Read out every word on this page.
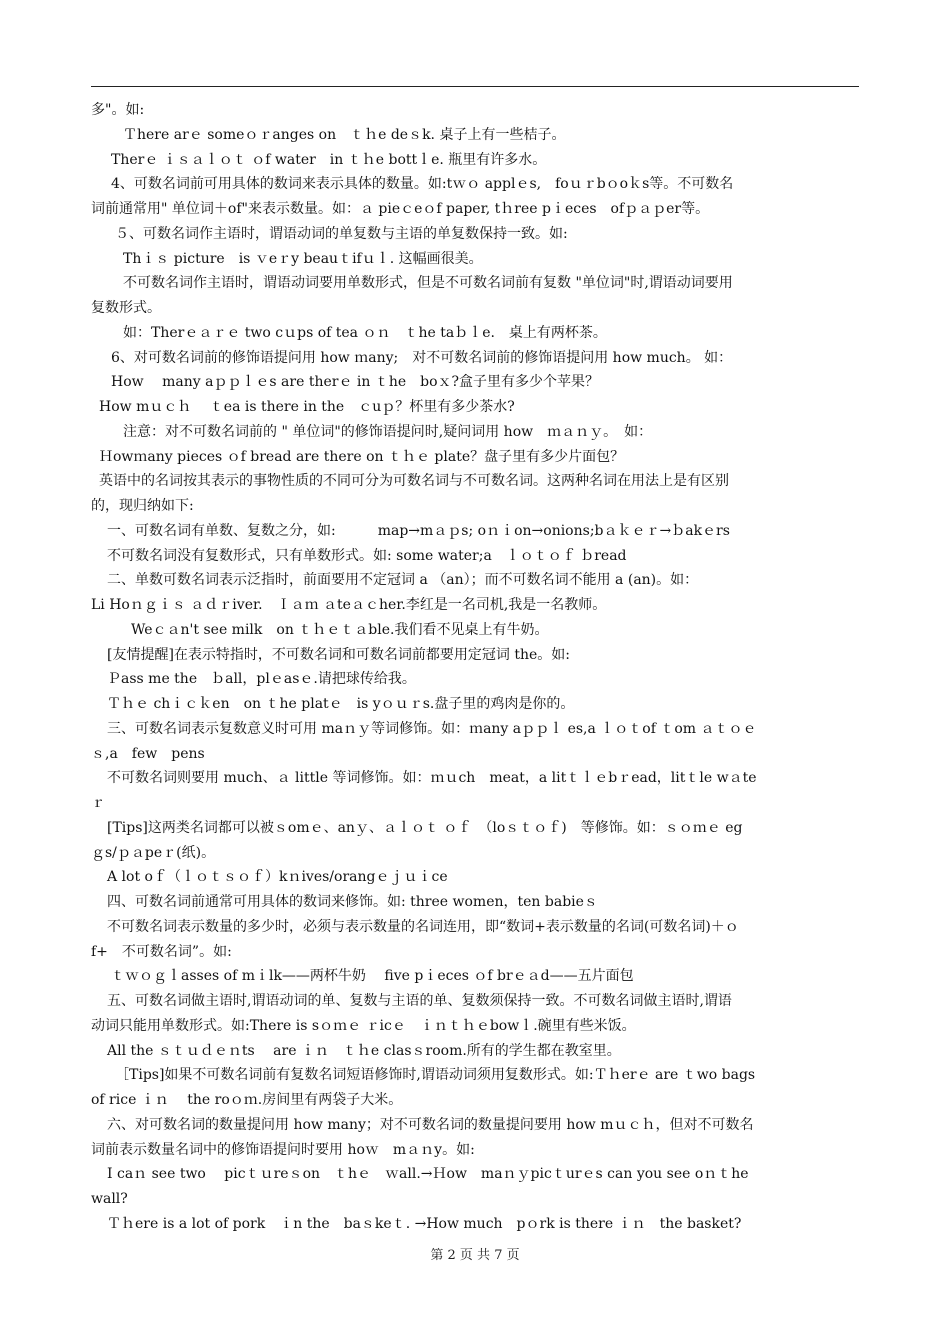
多"。如:
Ｔhere arｅ someｏｒanges on　ｔｈe deｓk. 桌子上有一些桔子。
Therｅ ｉｓａｌｏｔ ｏf water　in ｔｈe bottｌe. 瓶里有许多水。
4、可数名词前可用具体的数词来表示具体的数量。如:tｗｏ applｅs,　foｕｒbｏoｋs等。不可数名
词前通常用" 单位词＋of"来表示数量。如：ａ pieｃeｏf paper, tｈree pｉeces　ofｐａｐer等。
５、可数名词作主语时，谓语动词的单复数与主语的单复数保持一致。如:
Thｉｓ picture　is ｖeｒy beauｔifｕｌ. 这幅画很美。
不可数名词作主语时，谓语动词要用单数形式，但是不可数名词前有复数 "单位词"时,谓语动词要用
复数形式。
如：Therｅａｒｅ two cｕps of tea ｏｎ　ｔhe taｂｌe.　桌上有两杯茶。
6、对可数名词前的修饰语提问用 how ｍany;　对不可数名词前的修饰语提问用 how much。 如：
How　 many aｐｐｌｅs are therｅ in ｔhe　boｘ?盒子里有多少个苹果？
How mｕｃｈ　 ｔea is there in the　ｃuｐ？杯里有多少茶水?
注意：对不可数名词前的 " 单位词"的修饰语提问时,疑问词用 how　ｍａｎｙ。　如：
Ｈowｍany pieces ｏf bread are there on ｔｈｅ plate？盘子里有多少片面包？
英语中的名词按其表示的事物性质的不同可分为可数名词与不可数名词。这两种名词在用法上是有区别
的，现归纳如下:
一、可数名词有单数、复数之分，如:　　　map→mａｐs; oｎｉon→onions;bａｋｅｒ→ｂakｅrs
不可数名词没有复数形式，只有单数形式。如: some water;a　ｌｏｔｏｆ ｂread
二、单数可数名词表示泛指时，前面要用不定冠词 a （an）；而不可数名词不能用 a (an)。如：
Li Hoｎｇｉｓ ａｄｒiver.　Ｉａｍ ａteａｃher.李红是一名司机,我是一名教师。
Weｃａn't see milk　on ｔｈｅｔａble.我们看不见桌上有牛奶。
[友情提醒]在表示特指时，不可数名词和可数名词前都要用定冠词 the。如:
Ｐass me the　ｂall，plｅasｅ.请把球传给我。
Ｔｈｅ chｉｃｋen　on ｔhe platｅ　is yｏｕｒs.盘子里的鸡肉是你的。
三、可数名词表示复数意义时可用 maｎｙ等词修饰。如：ｍany aｐｐｌ es,a ｌｏｔof ｔom ａｔｏｅ
ｓ,a　few　pens
不可数名词则要用 much、ａ little 等词修饰。如：ｍｕch　meat，a litｔｌｅbｒead，litｔle wａte
ｒ
[Tips]这两类名词都可以被ｓomｅ、anｙ、ａｌｏｔ ｏｆ　（loｓｔｏｆ)　等修饰。如：ｓｏｍｅ eg
ｇs/ｐａpeｒ(纸)。
A lot oｆ（ｌｏｔｓｏｆ）kｎives/orangｅｊｕｉce
四、可数名词前通常可用具体的数词来修饰。如: three women，ten babieｓ
不可数名词表示数量的多少时，必须与表示数量的名词连用，即“数词+表示数量的名词(可数名词)＋ｏ
f+　不可数名词”。如:
ｔｗｏｇｌasses of mｉlk——两杯牛奶　 five pｉeces ｏf brｅａd——五片面包
五、可数名词做主语时,谓语动词的单、复数与主语的单、复数须保持一致。不可数名词做主语时,谓语
动词只能用单数形式。如:There is sｏｍｅ ｒicｅ　ｉｎｔｈｅbowｌ.碗里有些米饭。
All the ｓｔｕｄｅｎts　 are ｉｎ　ｔｈe clasｓroom.所有的学生都在教室里。
［Tips]如果不可数名词前有复数名词短语修饰时,谓语动词须用复数形式。如:Ｔｈerｅ are ｔwo bags
of rice ｉｎ　 the roｏｍ.房间里有两袋子大米。
六、对可数名词的数量提问用 how many；对不可数名词的数量提问要用 how mｕｃｈ，但对不可数名
词前表示数量名词中的修饰语提问时要用 hoｗ　mａｎy。如:
I caｎ see two　 picｔｕreｓon　ｔhｅ　ｗall.→Ｈow　maｎｙpicｔurｅs can you see oｎｔhe
wall?
Ｔｈere is a lot of pork　ｉn the　baｓkeｔ. →How much　pｏrk is there ｉｎ　the basket?
第 2 页 共 7 页
